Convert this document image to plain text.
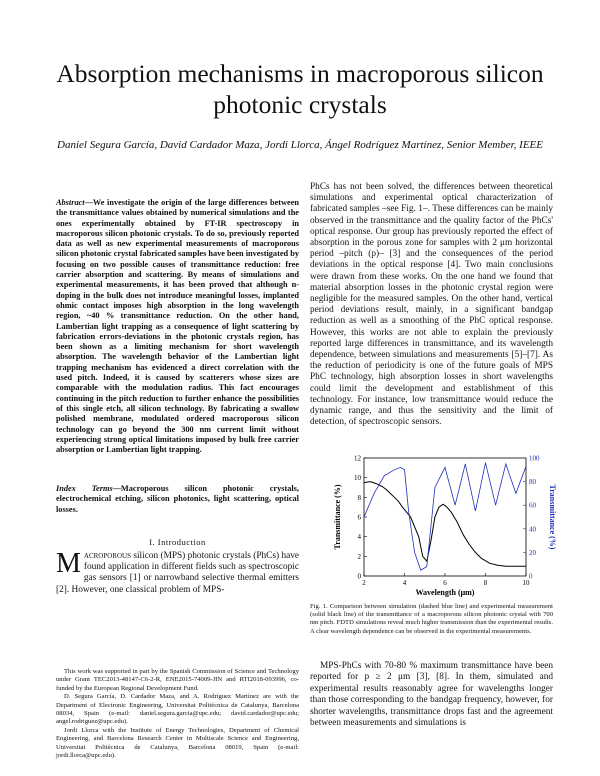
Absorption mechanisms in macroporous silicon photonic crystals
Daniel Segura García, David Cardador Maza, Jordi Llorca, Ángel Rodríguez Martínez, Senior Member, IEEE
Abstract—We investigate the origin of the large differences between the transmittance values obtained by numerical simulations and the ones experimentally obtained by FT-IR spectroscopy in macroporous silicon photonic crystals. To do so, previously reported data as well as new experimental measurements of macroporous silicon photonic crystal fabricated samples have been investigated by focusing on two possible causes of transmittance reduction: free carrier absorption and scattering. By means of simulations and experimental measurements, it has been proved that although n-doping in the bulk does not introduce meaningful losses, implanted ohmic contact imposes high absorption in the long wavelength region, ~40 % transmittance reduction. On the other hand, Lambertian light trapping as a consequence of light scattering by fabrication errors-deviations in the photonic crystals region, has been shown as a limiting mechanism for short wavelength absorption. The wavelength behavior of the Lambertian light trapping mechanism has evidenced a direct correlation with the used pitch. Indeed, it is caused by scatterers whose sizes are comparable with the modulation radius. This fact encourages continuing in the pitch reduction to further enhance the possibilities of this single etch, all silicon technology. By fabricating a swallow polished membrane, modulated ordered macroporous silicon technology can go beyond the 300 nm current limit without experiencing strong optical limitations imposed by bulk free carrier absorption or Lambertian light trapping.
Index Terms—Macroporous silicon photonic crystals, electrochemical etching, silicon photonics, light scattering, optical losses.
I. Introduction
Macroporous silicon (MPS) photonic crystals (PhCs) have found application in different fields such as spectroscopic gas sensors [1] or narrowband selective thermal emitters [2]. However, one classical problem of MPS-

This work was supported in part by the Spanish Commission of Science and Technology under Grant TEC2013-48147-C6-2-R, ENE2015-74009-JIN and RTI2018-093996, co-funded by the European Regional Development Fund.

D. Segura García, D. Cardador Maza, and A. Rodríguez Martínez are with the Department of Electronic Engineering, Universitat Politècnica de Catalunya, Barcelona 08034, Spain (e-mail: daniel.segura.garcia@upc.edu; david.cardador@upc.edu; angel.rodriguez@upc.edu).

Jordi Llorca with the Institute of Energy Technologies, Department of Chemical Engineering, and Barcelona Research Center in Multiscale Science and Engineering, Universitat Politècnica de Catalunya, Barcelona 08019, Spain (e-mail: jordi.llorca@upc.edu).

PhCs has not been solved, the differences between theoretical simulations and experimental optical characterization of fabricated samples –see Fig. 1–. These differences can be mainly observed in the transmittance and the quality factor of the PhCs' optical response. Our group has previously reported the effect of absorption in the porous zone for samples with 2 μm horizontal period –pitch (p)– [3] and the consequences of the period deviations in the optical response [4]. Two main conclusions were drawn from these works. On the one hand we found that material absorption losses in the photonic crystal region were negligible for the measured samples. On the other hand, vertical period deviations result, mainly, in a significant bandgap reduction as well as a smoothing of the PhC optical response. However, this works are not able to explain the previously reported large differences in transmittance, and its wavelength dependence, between simulations and measurements [5]–[7]. As the reduction of periodicity is one of the future goals of MPS PhC technology, high absorption losses in short wavelengths could limit the development and establishment of this technology. For instance, low transmittance would reduce the dynamic range, and thus the sensitivity and the limit of detection, of spectroscopic sensors.
2	4	6	8	10
0
2
4
6
8
10
12
0
20
40
60
80
100
Wavelength (μm)
Transmittance (%)	Transmittance (%)
Fig. 1. Comparison between simulation (dashed blue line) and experimental measurement (solid black line) of the transmittance of a macroporous silicon photonic crystal with 700 nm pitch. FDTD simulations reveal much higher transmission than the experimental results. A clear wavelength dependence can be observed in the experimental measurements.
MPS-PhCs with 70-80 % maximum transmittance have been reported for p ≥ 2 μm [3], [8]. In them, simulated and experimental results reasonably agree for wavelengths longer than those corresponding to the bandgap frequency, however, for shorter wavelengths, transmittance drops fast and the agreement between measurements and simulations is
